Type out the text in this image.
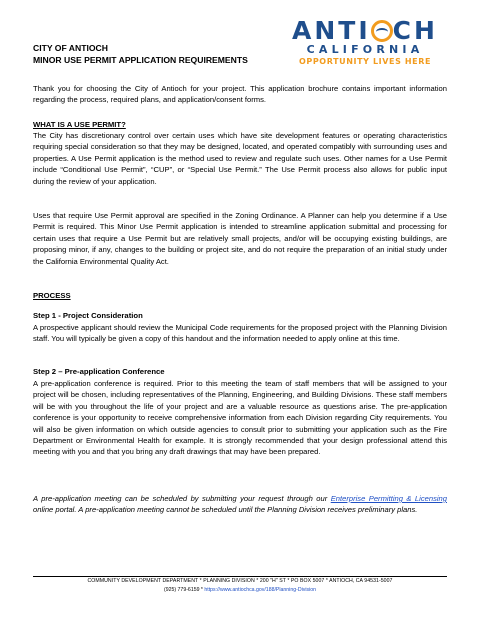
CITY OF ANTIOCH
MINOR USE PERMIT APPLICATION REQUIREMENTS
ANTI CH
CALIFORNIA
OPPORTUNITY LIVES HERE
Thank you for choosing the City of Antioch for your project. This application brochure contains important information regarding the process, required plans, and application/consent forms.
WHAT IS A USE PERMIT?
The City has discretionary control over certain uses which have site development features or operating characteristics requiring special consideration so that they may be designed, located, and operated compatibly with surrounding uses and properties. A Use Permit application is the method used to review and regulate such uses. Other names for a Use Permit include “Conditional Use Permit”, “CUP”, or “Special Use Permit.” The Use Permit process also allows for public input during the review of your application.
Uses that require Use Permit approval are specified in the Zoning Ordinance. A Planner can help you determine if a Use Permit is required. This Minor Use Permit application is intended to streamline application submittal and processing for certain uses that require a Use Permit but are relatively small projects, and/or will be occupying existing buildings, are proposing minor, if any, changes to the building or project site, and do not require the preparation of an initial study under the California Environmental Quality Act.
PROCESS
Step 1 - Project Consideration
A prospective applicant should review the Municipal Code requirements for the proposed project with the Planning Division staff. You will typically be given a copy of this handout and the information needed to apply online at this time.
Step 2 – Pre-application Conference
A pre-application conference is required. Prior to this meeting the team of staff members that will be assigned to your project will be chosen, including representatives of the Planning, Engineering, and Building Divisions. These staff members will be with you throughout the life of your project and are a valuable resource as questions arise. The pre-application conference is your opportunity to receive comprehensive information from each Division regarding City requirements. You will also be given information on which outside agencies to consult prior to submitting your application such as the Fire Department or Environmental Health for example. It is strongly recommended that your design professional attend this meeting with you and that you bring any draft drawings that may have been prepared.
A pre-application meeting can be scheduled by submitting your request through our Enterprise Permitting & Licensing online portal. A pre-application meeting cannot be scheduled until the Planning Division receives preliminary plans.
COMMUNITY DEVELOPMENT DEPARTMENT * PLANNING DIVISION * 200 "H" ST * PO BOX 5007 * ANTIOCH, CA 94531-5007
(925) 779-6159 * https://www.antiochca.gov/188/Planning-Division
